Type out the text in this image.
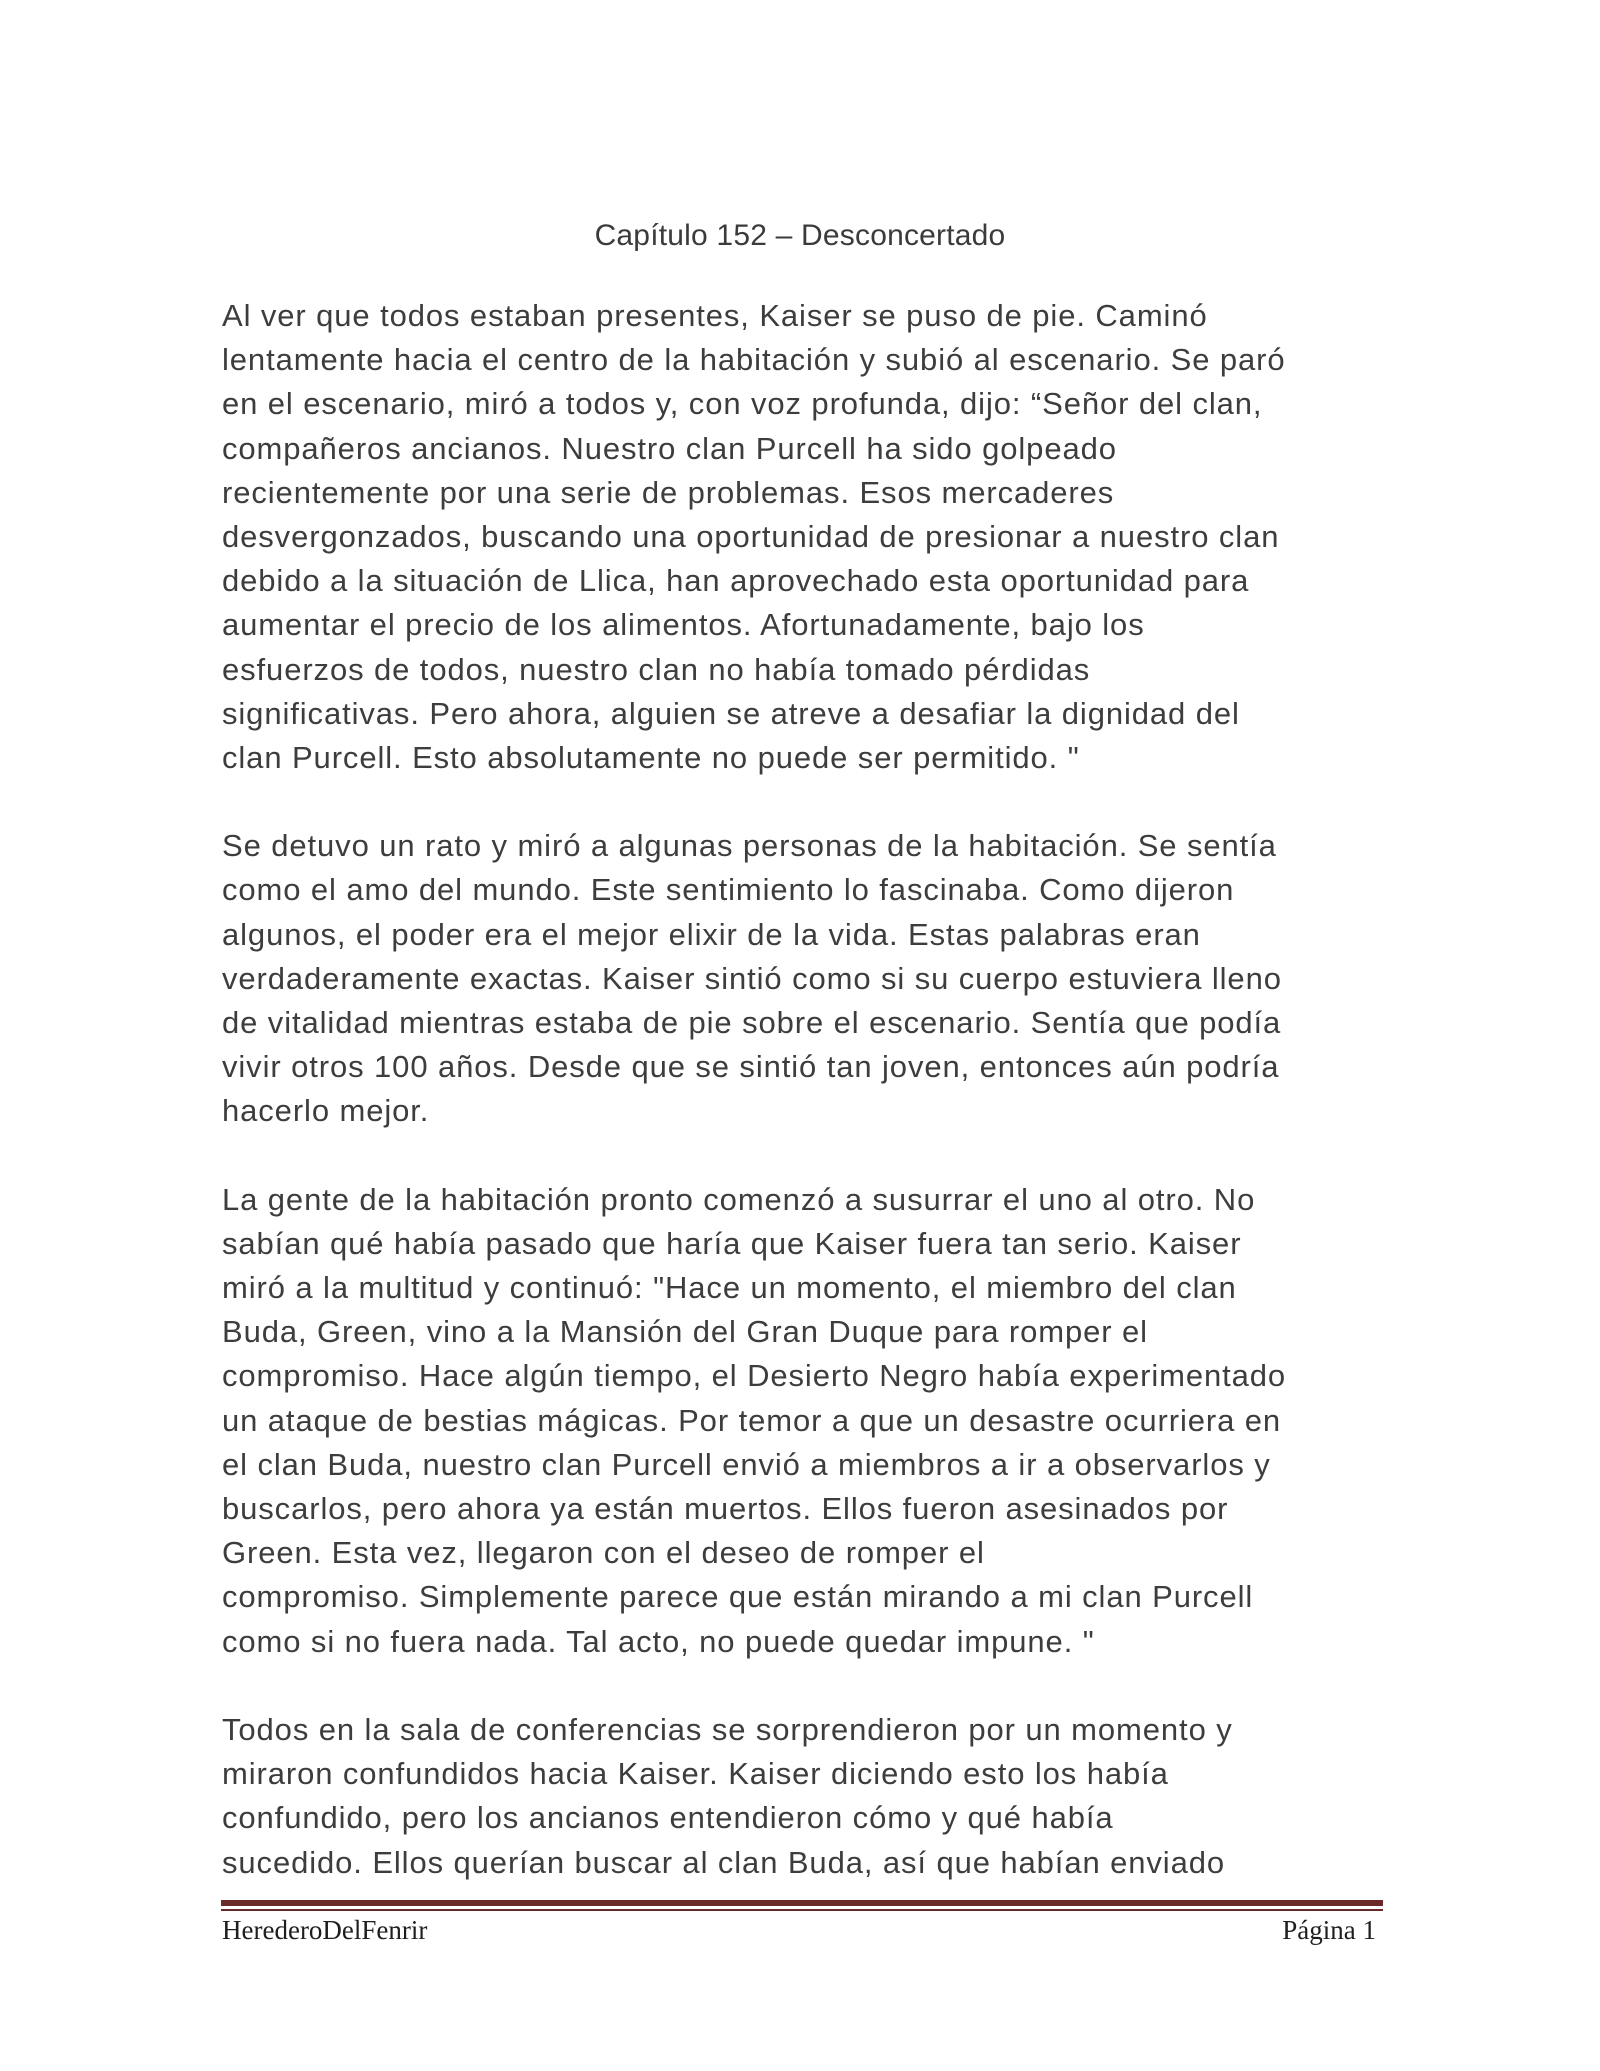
Capítulo 152 – Desconcertado

Al ver que todos estaban presentes, Kaiser se puso de pie. Caminó
lentamente hacia el centro de la habitación y subió al escenario. Se paró
en el escenario, miró a todos y, con voz profunda, dijo: “Señor del clan,
compañeros ancianos. Nuestro clan Purcell ha sido golpeado
recientemente por una serie de problemas. Esos mercaderes
desvergonzados, buscando una oportunidad de presionar a nuestro clan
debido a la situación de Llica, han aprovechado esta oportunidad para
aumentar el precio de los alimentos. Afortunadamente, bajo los
esfuerzos de todos, nuestro clan no había tomado pérdidas
significativas. Pero ahora, alguien se atreve a desafiar la dignidad del
clan Purcell. Esto absolutamente no puede ser permitido. "

Se detuvo un rato y miró a algunas personas de la habitación. Se sentía
como el amo del mundo. Este sentimiento lo fascinaba. Como dijeron
algunos, el poder era el mejor elixir de la vida. Estas palabras eran
verdaderamente exactas. Kaiser sintió como si su cuerpo estuviera lleno
de vitalidad mientras estaba de pie sobre el escenario. Sentía que podía
vivir otros 100 años. Desde que se sintió tan joven, entonces aún podría
hacerlo mejor.

La gente de la habitación pronto comenzó a susurrar el uno al otro. No
sabían qué había pasado que haría que Kaiser fuera tan serio. Kaiser
miró a la multitud y continuó: "Hace un momento, el miembro del clan
Buda, Green, vino a la Mansión del Gran Duque para romper el
compromiso. Hace algún tiempo, el Desierto Negro había experimentado
un ataque de bestias mágicas. Por temor a que un desastre ocurriera en
el clan Buda, nuestro clan Purcell envió a miembros a ir a observarlos y
buscarlos, pero ahora ya están muertos. Ellos fueron asesinados por
Green. Esta vez, llegaron con el deseo de romper el
compromiso. Simplemente parece que están mirando a mi clan Purcell
como si no fuera nada. Tal acto, no puede quedar impune. "

Todos en la sala de conferencias se sorprendieron por un momento y
miraron confundidos hacia Kaiser. Kaiser diciendo esto los había
confundido, pero los ancianos entendieron cómo y qué había
sucedido. Ellos querían buscar al clan Buda, así que habían enviado

HerederoDelFenrir	Página 1
